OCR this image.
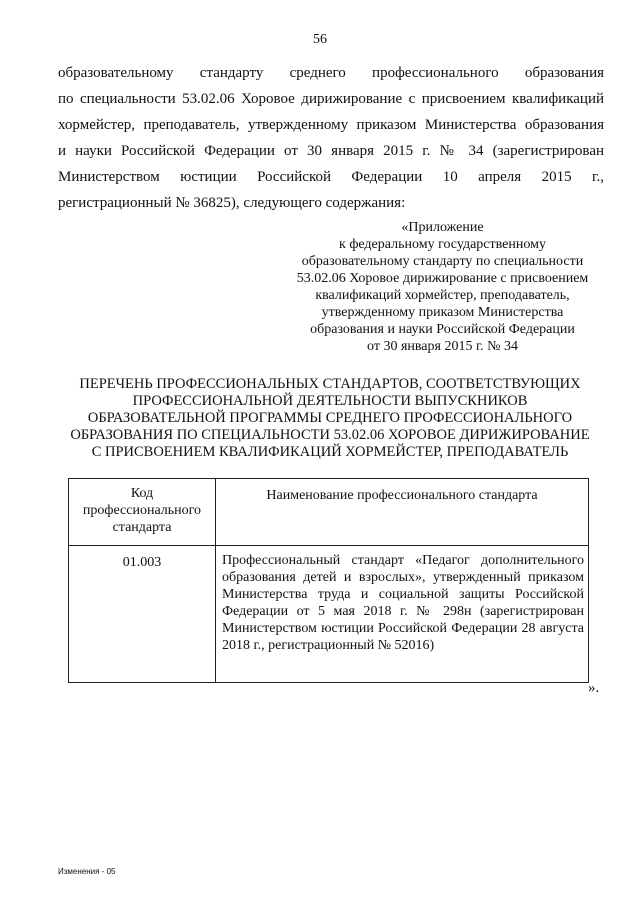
56
образовательному стандарту среднего профессионального образования
по специальности 53.02.06 Хоровое дирижирование с присвоением квалификаций
хормейстер, преподаватель, утвержденному приказом Министерства образования
и науки Российской Федерации от 30 января 2015 г. № 34 (зарегистрирован
Министерством юстиции Российской Федерации 10 апреля 2015 г.,
регистрационный № 36825), следующего содержания:
«Приложение
к федеральному государственному
образовательному стандарту по специальности
53.02.06 Хоровое дирижирование с присвоением
квалификаций хормейстер, преподаватель,
утвержденному приказом Министерства
образования и науки Российской Федерации
от 30 января 2015 г. № 34
ПЕРЕЧЕНЬ ПРОФЕССИОНАЛЬНЫХ СТАНДАРТОВ, СООТВЕТСТВУЮЩИХ
ПРОФЕССИОНАЛЬНОЙ ДЕЯТЕЛЬНОСТИ ВЫПУСКНИКОВ
ОБРАЗОВАТЕЛЬНОЙ ПРОГРАММЫ СРЕДНЕГО ПРОФЕССИОНАЛЬНОГО
ОБРАЗОВАНИЯ ПО СПЕЦИАЛЬНОСТИ 53.02.06 ХОРОВОЕ ДИРИЖИРОВАНИЕ
С ПРИСВОЕНИЕМ КВАЛИФИКАЦИЙ ХОРМЕЙСТЕР, ПРЕПОДАВАТЕЛЬ
Код профессионального стандарта	Наименование профессионального стандарта
01.003	Профессиональный стандарт «Педагог дополнительного образования детей и взрослых», утвержденный приказом Министерства труда и социальной защиты Российской Федерации от 5 мая 2018 г. № 298н (зарегистрирован Министерством юстиции Российской Федерации 28 августа 2018 г., регистрационный № 52016)
».
Изменения - 05
